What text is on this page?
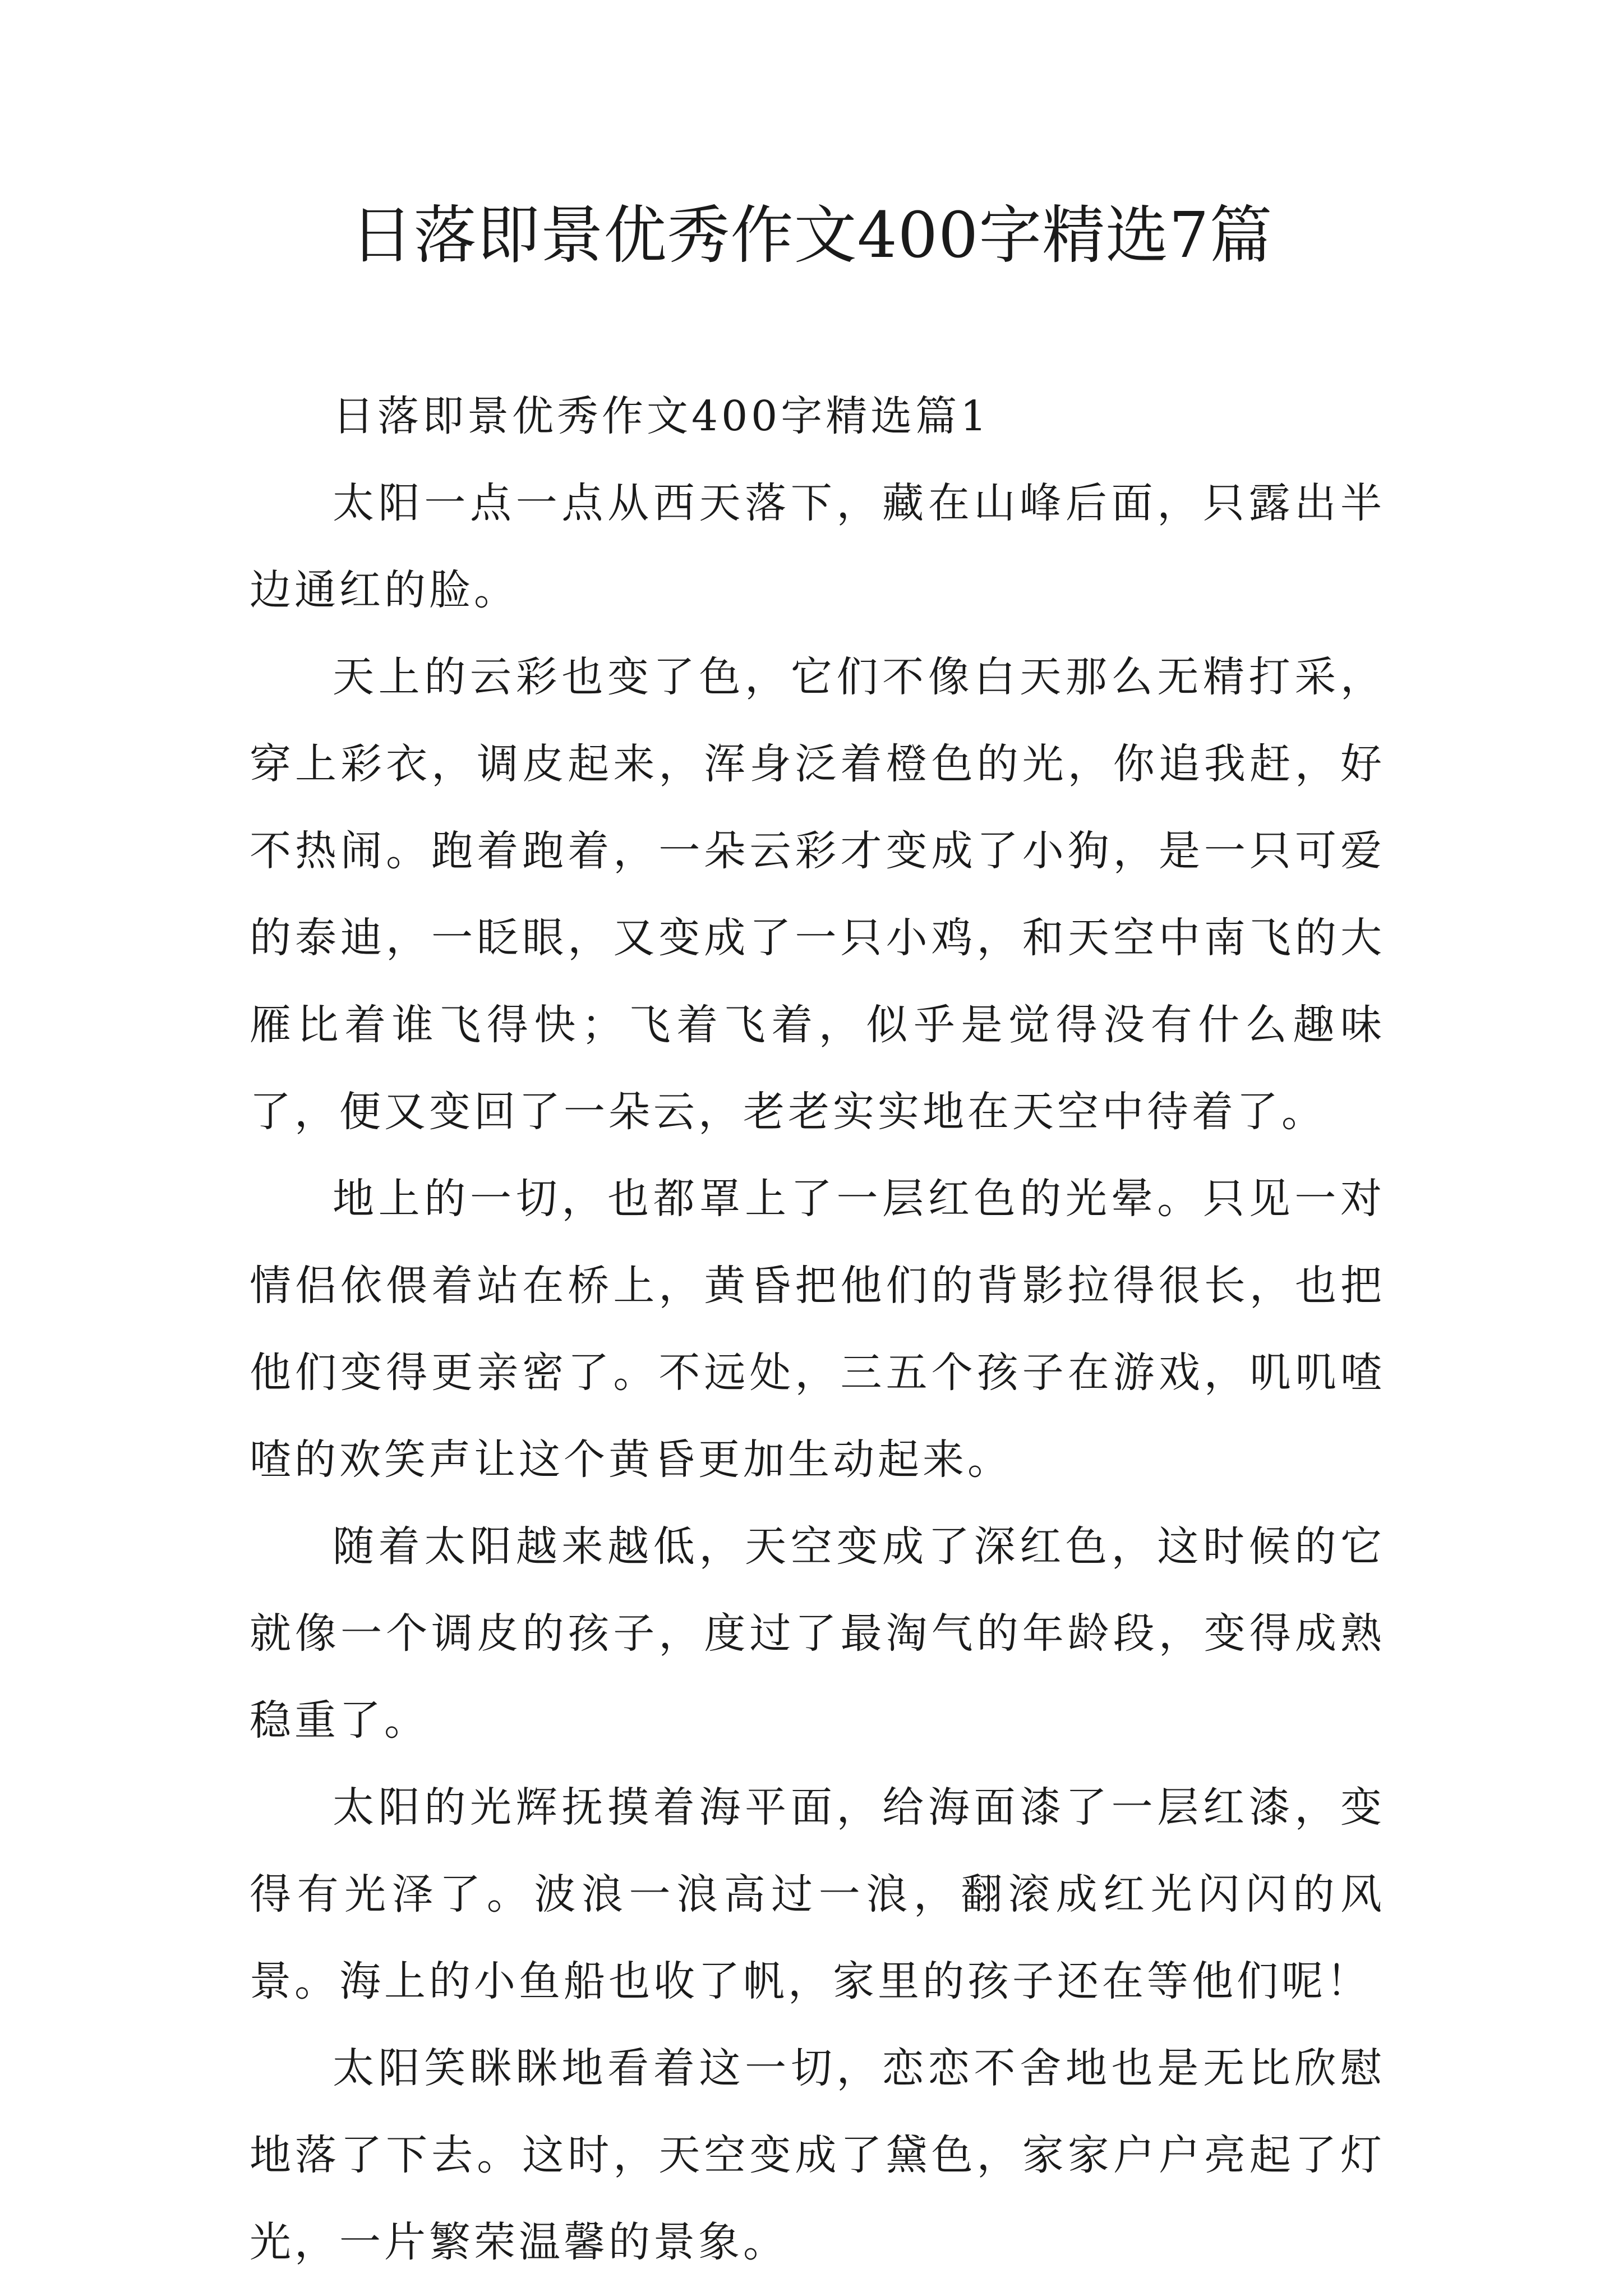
日落即景优秀作文400字精选7篇

日落即景优秀作文400字精选篇1

太阳一点一点从西天落下，藏在山峰后面，只露出半边通红的脸。

天上的云彩也变了色，它们不像白天那么无精打采，穿上彩衣，调皮起来，浑身泛着橙色的光，你追我赶，好不热闹。跑着跑着，一朵云彩才变成了小狗，是一只可爱的泰迪，一眨眼，又变成了一只小鸡，和天空中南飞的大雁比着谁飞得快；飞着飞着，似乎是觉得没有什么趣味了，便又变回了一朵云，老老实实地在天空中待着了。

地上的一切，也都罩上了一层红色的光晕。只见一对情侣依偎着站在桥上，黄昏把他们的背影拉得很长，也把他们变得更亲密了。不远处，三五个孩子在游戏，叽叽喳喳的欢笑声让这个黄昏更加生动起来。

随着太阳越来越低，天空变成了深红色，这时候的它就像一个调皮的孩子，度过了最淘气的年龄段，变得成熟稳重了。

太阳的光辉抚摸着海平面，给海面漆了一层红漆，变得有光泽了。波浪一浪高过一浪，翻滚成红光闪闪的风景。海上的小鱼船也收了帆，家里的孩子还在等他们呢！

太阳笑眯眯地看着这一切，恋恋不舍地也是无比欣慰地落了下去。这时，天空变成了黛色，家家户户亮起了灯光，一片繁荣温馨的景象。
